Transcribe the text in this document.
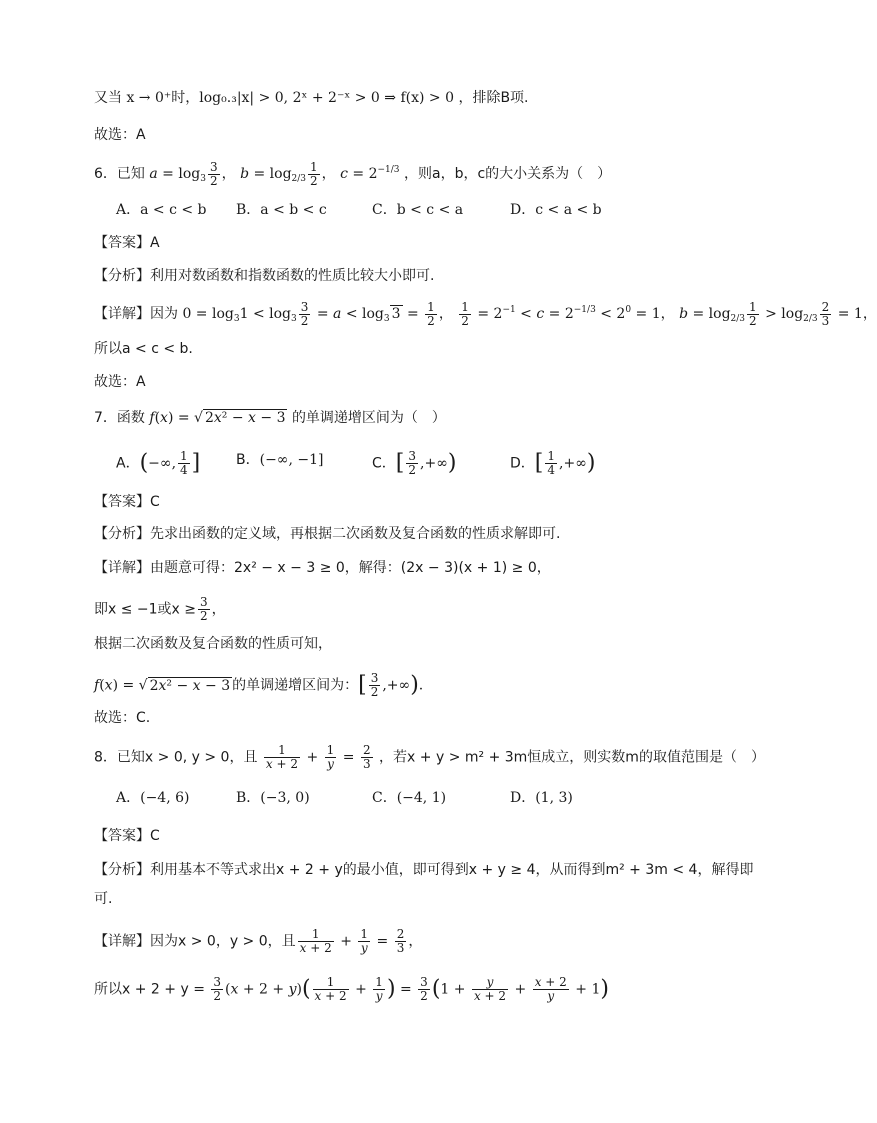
又当 x → 0⁺时，log₀.₃|x| > 0, 2ˣ + 2⁻ˣ > 0 ⇒ f(x) > 0 ，排除B项.
故选：A
6．已知 $a = \log_3 \frac{3}{2}$ ， $b = \log_{2/3} \frac{1}{2}$ ， $c = 2^{-1/3}$ ，则a，b，c的大小关系为（　）
A．a < c < b B．a < b < c	C．b < c < a	D．c < a < b
【答案】A
【分析】利用对数函数和指数函数的性质比较大小即可.
【详解】因为 $0 = \log_31 < \log_3 \frac{3}{2} = a < \log_3 3 = \frac{1}{2}$ ， $\frac{1}{2} = 2^{-1} < c = 2^{-1/3} < 2^0 = 1$， $b = \log_{2/3} \frac{1}{2} > \log_{2/3} \frac{2}{3} = 1$，
所以a < c < b.
故选：A
7．函数 f(x) = √ 2x² − x − 3 的单调递增区间为（　）
A．(−∞, $\frac{1}{4}$ ]	B．(−∞, −1]	C．[ $\frac{3}{2}$ ,+∞)	D．[ $\frac{1}{4}$ ,+∞)
【答案】C
【分析】先求出函数的定义域，再根据二次函数及复合函数的性质求解即可.
【详解】由题意可得：2x² − x − 3 ≥ 0，解得：(2x − 3)(x + 1) ≥ 0，
即x ≤ −1或$x \ge \frac{3}{2}$ ，
根据二次函数及复合函数的性质可知，
f(x) = √ 2x² − x − 3 的单调递增区间为：[ $\frac{3}{2}$ ,+∞).
故选：C.
8．已知x > 0, y > 0，且 $\frac{1}{x + 2} + \frac{1}{y} = \frac{2}{3}$ ，若x + y > m² + 3m恒成立，则实数m的取值范围是（　）
A．(−4, 6)	B．(−3, 0)	C．(−4, 1)	D．(1, 3)
【答案】C
【分析】利用基本不等式求出x + 2 + y的最小值，即可得到x + y ≥ 4，从而得到m² + 3m < 4，解得即
可.
【详解】因为x > 0，y > 0，且 $\frac{1}{x + 2} + \frac{1}{y} = \frac{2}{3}$ ，
所以$x + 2 + y = \frac{3}{2} (x + 2 + y)( \frac{1}{x + 2} + \frac{1}{y}$ ) = $\frac{3}{2} (1 + \frac{y}{x + 2} + \frac{x + 2}{y} + 1)$
